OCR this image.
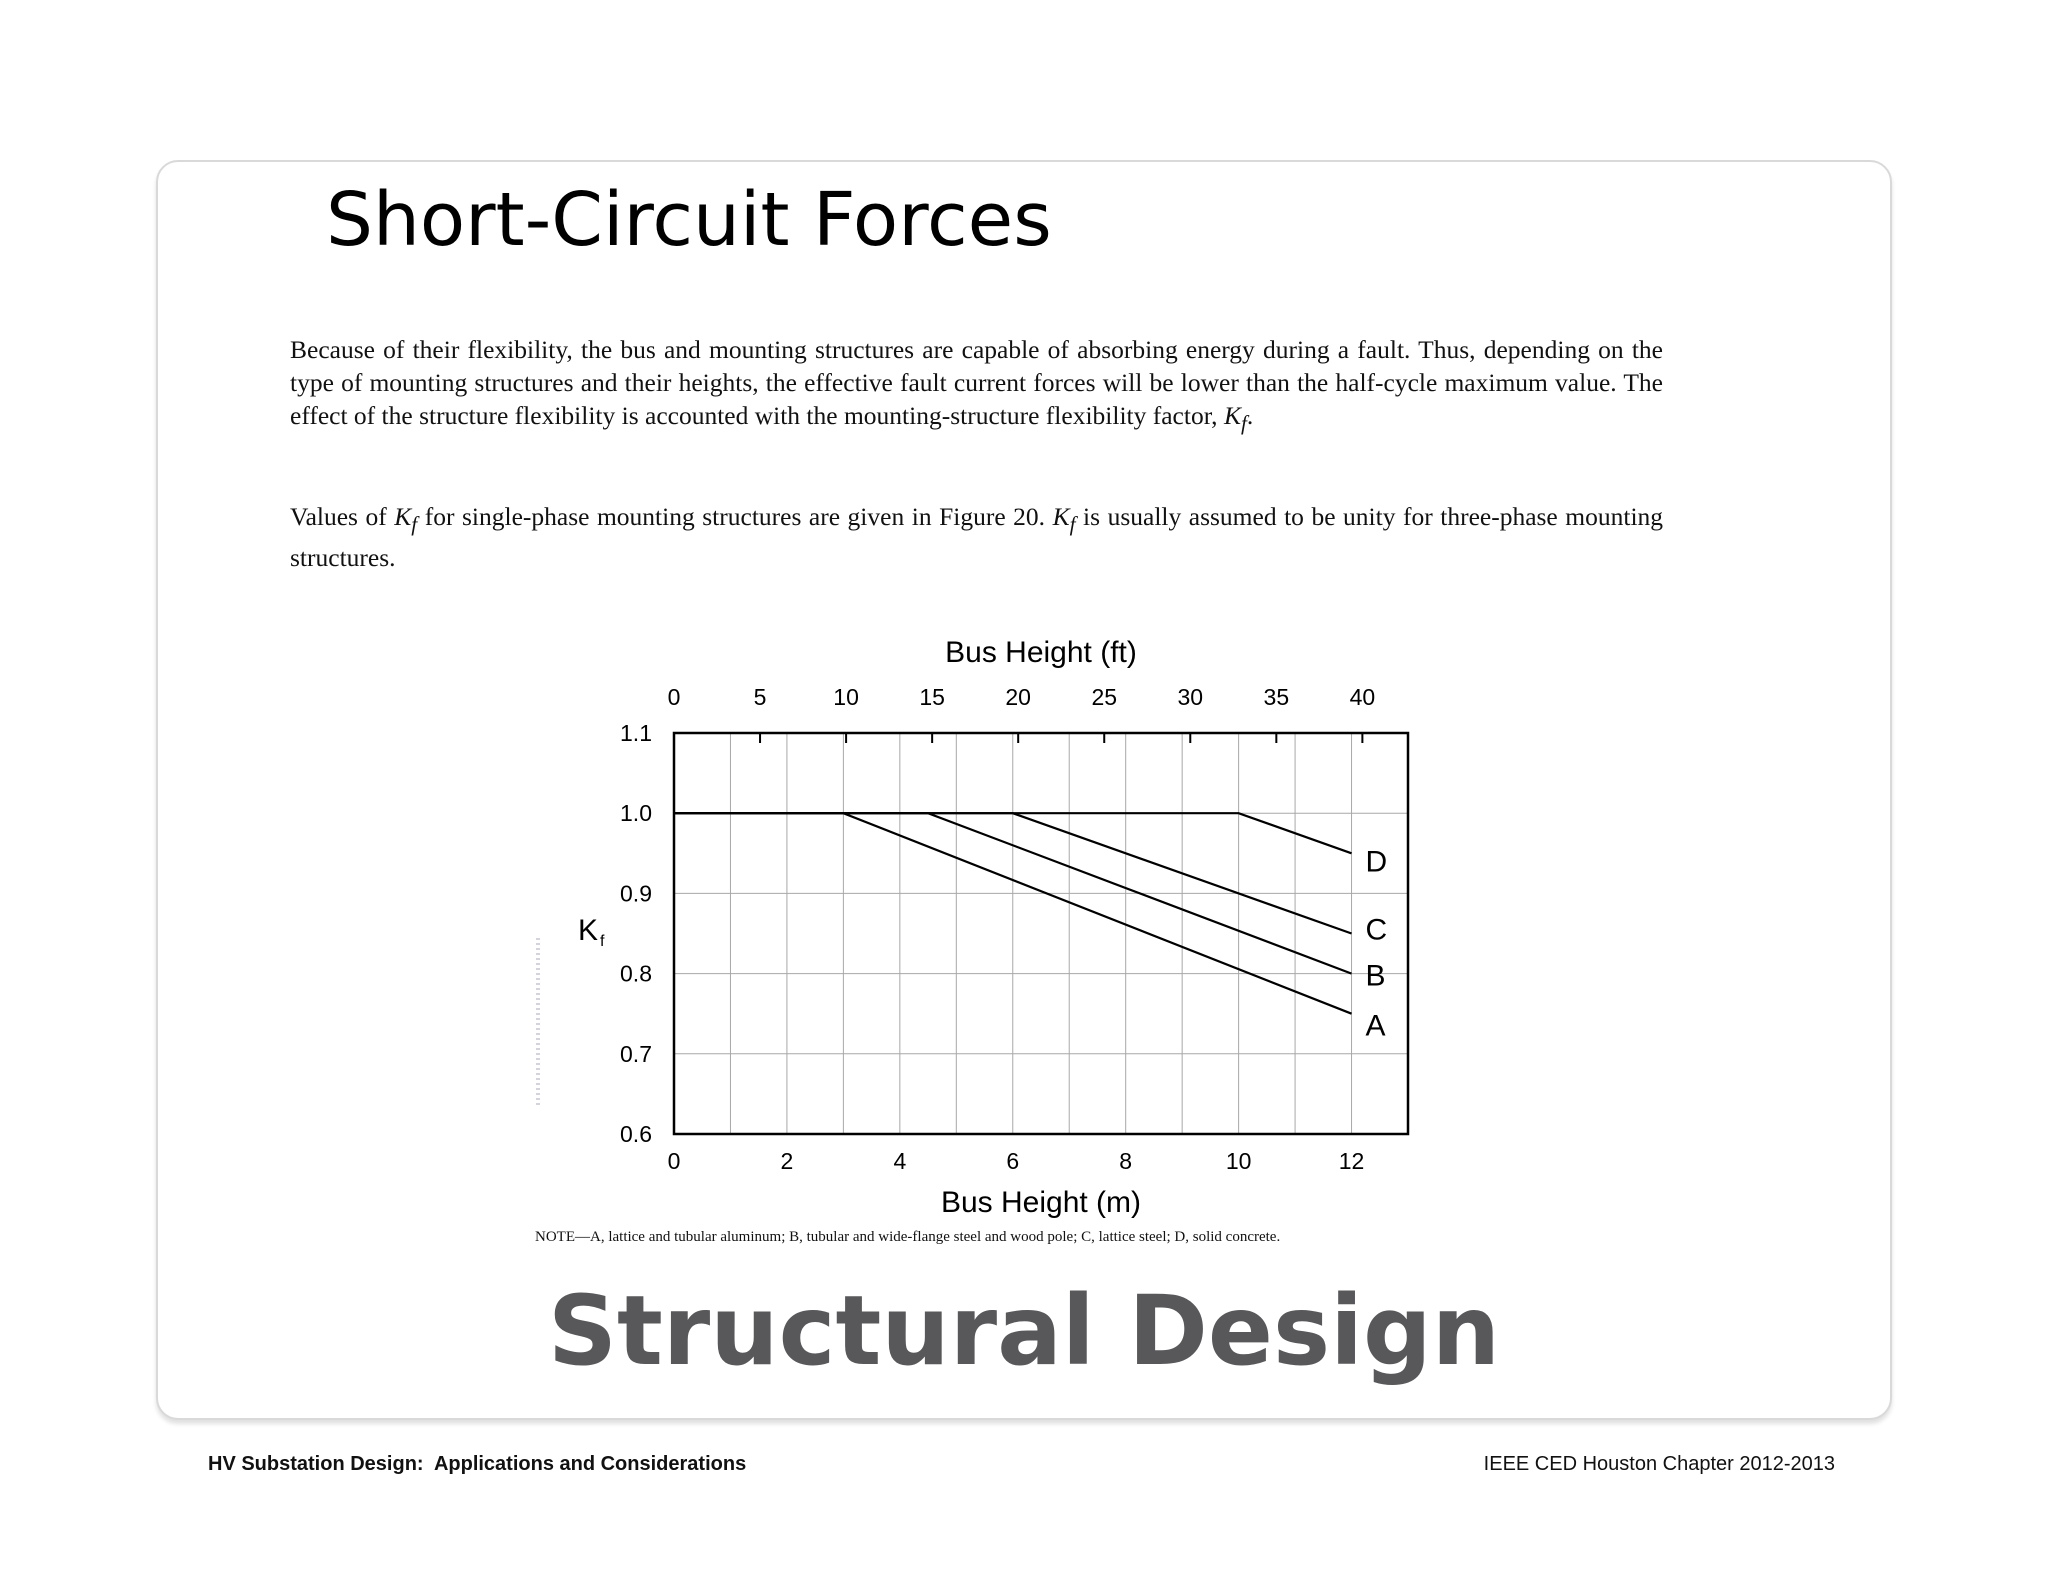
Short-Circuit Forces

Because of their flexibility, the bus and mounting structures are capable of absorbing energy during a fault. Thus, depending on the type of mounting structures and their heights, the effective fault current forces will be lower than the half-cycle maximum value. The effect of the structure flexibility is accounted with the mounting-structure flexibility factor, $K_f$.

Values of $K_f$ for single-phase mounting structures are given in Figure 20. $K_f$ is usually assumed to be unity for three-phase mounting structures.

0	2	4	6	8	10	12
0	5	10	15	20	25	30	35	40
0.6
0.7
0.8
0.9
1.0
1.1
Bus Height (m)
Bus Height (ft)
K f
A
B
C
D
NOTE—A, lattice and tubular aluminum; B, tubular and wide-flange steel and wood pole; C, lattice steel; D, solid concrete.
Structural Design
HV Substation Design:  Applications and Considerations	IEEE CED Houston Chapter 2012-2013
